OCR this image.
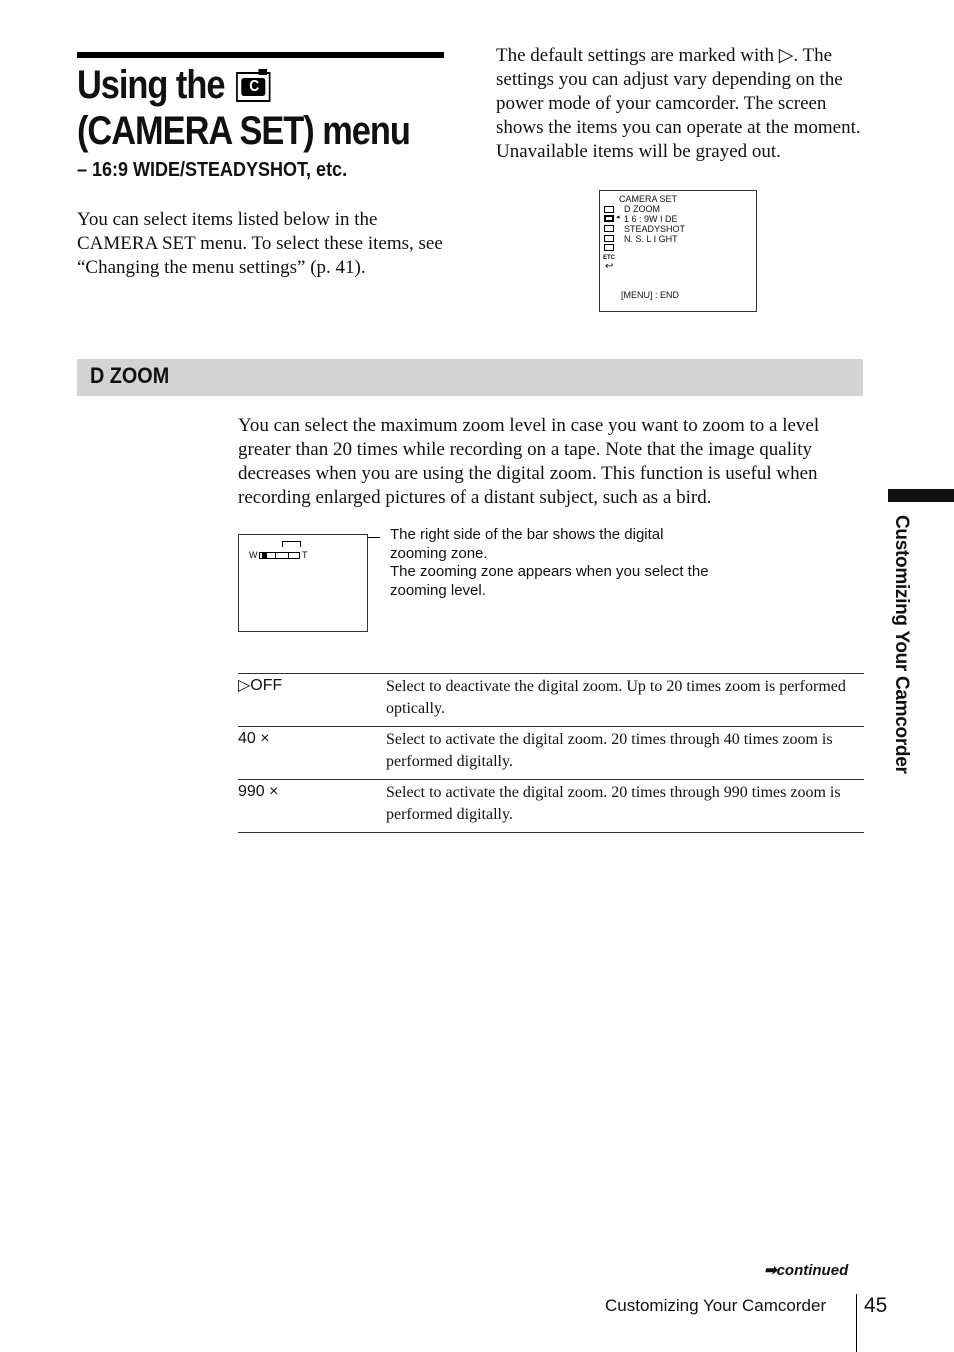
Using the	C
(CAMERA SET) menu
– 16:9 WIDE/STEADYSHOT, etc.
You can select items listed below in the CAMERA SET menu. To select these items, see “Changing the menu settings” (p. 41).
The default settings are marked with ▷. The settings you can adjust vary depending on the power mode of your camcorder. The screen shows the items you can operate at the moment. Unavailable items will be grayed out.
CAMERA SET
◂
ETC
↩
D ZOOM
1 6 : 9W I DE
STEADYSHOT
N. S. L I GHT
[MENU] : END
D ZOOM
You can select the maximum zoom level in case you want to zoom to a level greater than 20 times while recording on a tape. Note that the image quality decreases when you are using the digital zoom. This function is useful when recording enlarged pictures of a distant subject, such as a bird.
W	T
The right side of the bar shows the digital zooming zone.
The zooming zone appears when you select the zooming level.
▷OFF	Select to deactivate the digital zoom. Up to 20 times zoom is performed optically.
40 ×	Select to activate the digital zoom. 20 times through 40 times zoom is performed digitally.
990 ×	Select to activate the digital zoom. 20 times through 990 times zoom is performed digitally.
Customizing Your Camcorder
➡continued
Customizing Your Camcorder 45
